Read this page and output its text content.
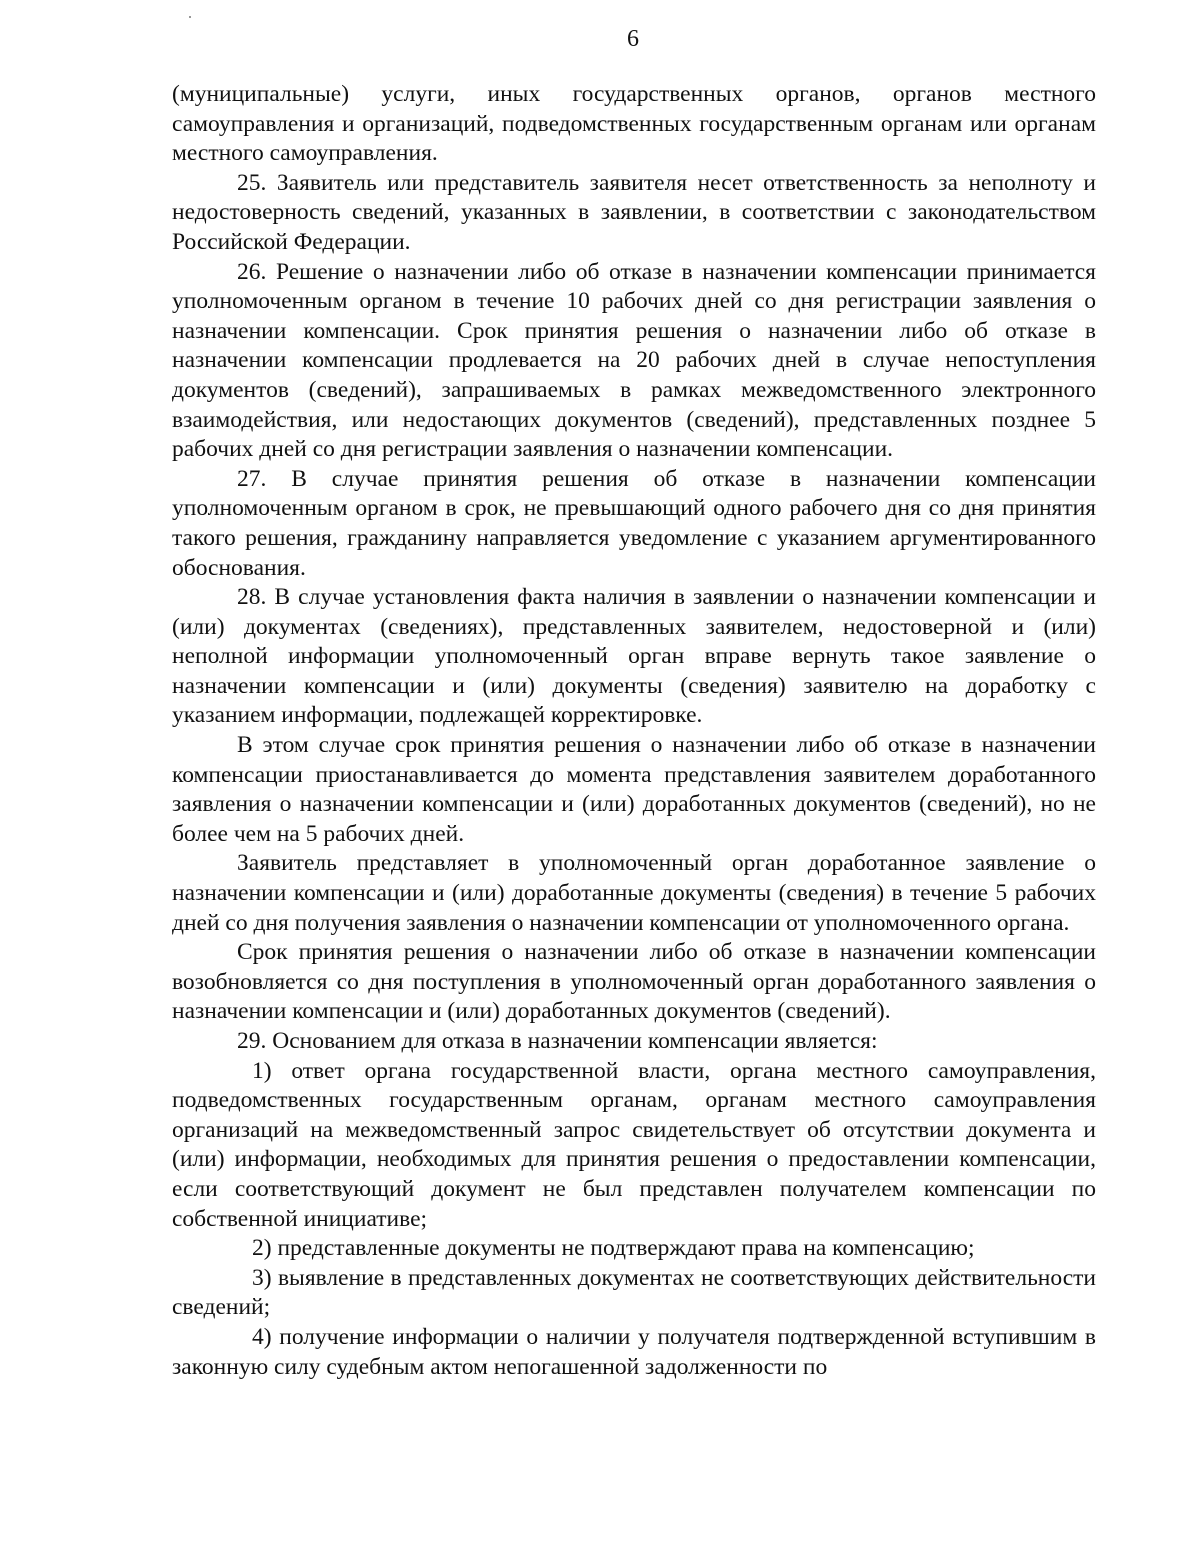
6

(муниципальные) услуги, иных государственных органов, органов местного самоуправления и организаций, подведомственных государственным органам или органам местного самоуправления.

25. Заявитель или представитель заявителя несет ответственность за неполноту и недостоверность сведений, указанных в заявлении, в соответствии с законодательством Российской Федерации.

26. Решение о назначении либо об отказе в назначении компенсации принимается уполномоченным органом в течение 10 рабочих дней со дня регистрации заявления о назначении компенсации. Срок принятия решения о назначении либо об отказе в назначении компенсации продлевается на 20 рабочих дней в случае непоступления документов (сведений), запрашиваемых в рамках межведомственного электронного взаимодействия, или недостающих документов (сведений), представленных позднее 5 рабочих дней со дня регистрации заявления о назначении компенсации.

27. В случае принятия решения об отказе в назначении компенсации уполномоченным органом в срок, не превышающий одного рабочего дня со дня принятия такого решения, гражданину направляется уведомление с указанием аргументированного обоснования.

28. В случае установления факта наличия в заявлении о назначении компенсации и (или) документах (сведениях), представленных заявителем, недостоверной и (или) неполной информации уполномоченный орган вправе вернуть такое заявление о назначении компенсации и (или) документы (сведения) заявителю на доработку с указанием информации, подлежащей корректировке.

В этом случае срок принятия решения о назначении либо об отказе в назначении компенсации приостанавливается до момента представления заявителем доработанного заявления о назначении компенсации и (или) доработанных документов (сведений), но не более чем на 5 рабочих дней.

Заявитель представляет в уполномоченный орган доработанное заявление о назначении компенсации и (или) доработанные документы (сведения) в течение 5 рабочих дней со дня получения заявления о назначении компенсации от уполномоченного органа.

Срок принятия решения о назначении либо об отказе в назначении компенсации возобновляется со дня поступления в уполномоченный орган доработанного заявления о назначении компенсации и (или) доработанных документов (сведений).

29. Основанием для отказа в назначении компенсации является:

1) ответ органа государственной власти, органа местного самоуправления, подведомственных государственным органам, органам местного самоуправления организаций на межведомственный запрос свидетельствует об отсутствии документа и (или) информации, необходимых для принятия решения о предоставлении компенсации, если соответствующий документ не был представлен получателем компенсации по собственной инициативе;

2) представленные документы не подтверждают права на компенсацию;

3) выявление в представленных документах не соответствующих действительности сведений;

4) получение информации о наличии у получателя подтвержденной вступившим в законную силу судебным актом непогашенной задолженности по
